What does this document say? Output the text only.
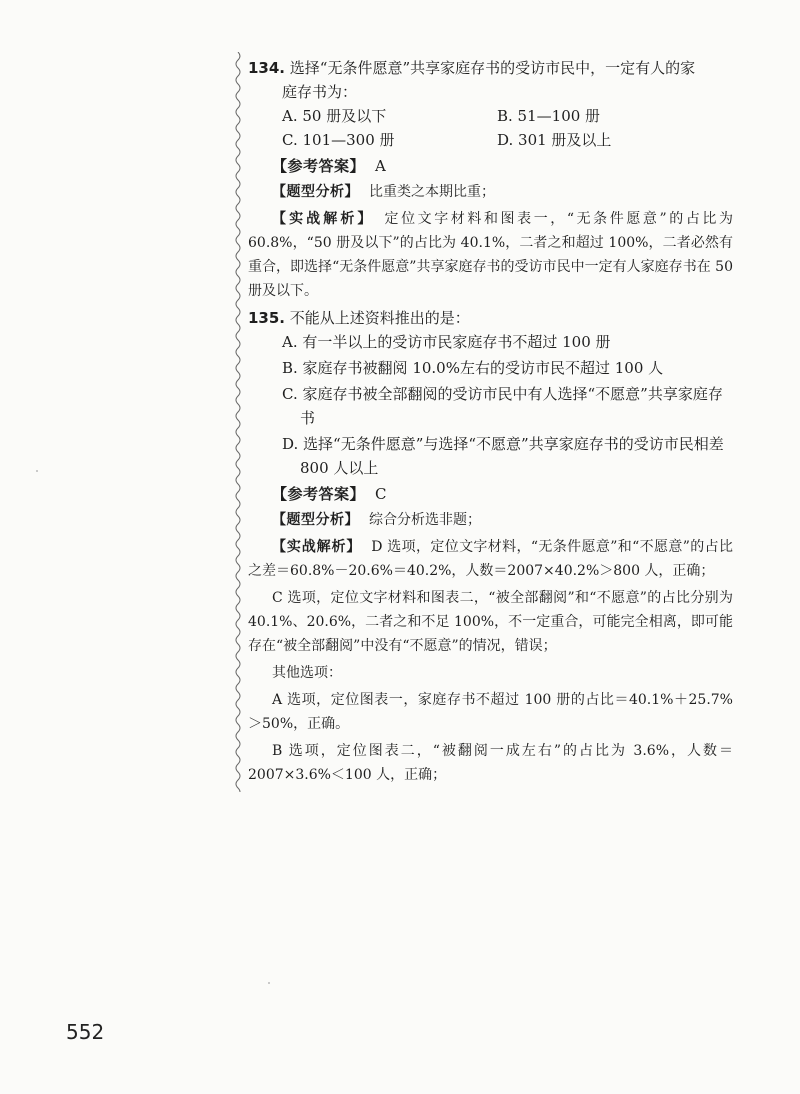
134. 选择“无条件愿意”共享家庭存书的受访市民中，一定有人的家

庭存书为：

A. 50 册及以下	B. 51—100 册
C. 101—300 册	D. 301 册及以上
【参考答案】 A
【题型分析】 比重类之本期比重；
【实战解析】 定位文字材料和图表一，“无条件愿意”的占比为 60.8%，“50 册及以下”的占比为 40.1%，二者之和超过 100%，二者必然有重合，即选择“无条件愿意”共享家庭存书的受访市民中一定有人家庭存书在 50 册及以下。

135. 不能从上述资料推出的是：

A. 有一半以上的受访市民家庭存书不超过 100 册
B. 家庭存书被翻阅 10.0%左右的受访市民不超过 100 人
C. 家庭存书被全部翻阅的受访市民中有人选择“不愿意”共享家庭存书
D. 选择“无条件愿意”与选择“不愿意”共享家庭存书的受访市民相差 800 人以上
【参考答案】 C
【题型分析】 综合分析选非题；
【实战解析】 D 选项，定位文字材料，“无条件愿意”和“不愿意”的占比之差＝60.8%－20.6%＝40.2%，人数＝2007×40.2%＞800 人，正确；
C 选项，定位文字材料和图表二，“被全部翻阅”和“不愿意”的占比分别为 40.1%、20.6%，二者之和不足 100%，不一定重合，可能完全相离，即可能存在“被全部翻阅”中没有“不愿意”的情况，错误；
其他选项：
A 选项，定位图表一，家庭存书不超过 100 册的占比＝40.1%＋25.7%＞50%，正确。
B 选项，定位图表二，“被翻阅一成左右”的占比为 3.6%，人数＝2007×3.6%＜100 人，正确；
552
